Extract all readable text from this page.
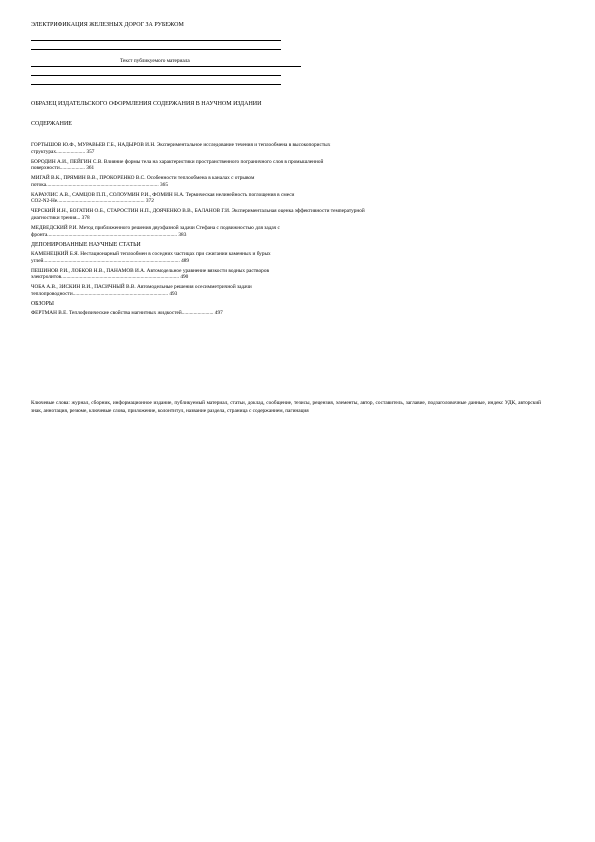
ЭЛЕКТРИФИКАЦИЯ ЖЕЛЕЗНЫХ ДОРОГ ЗА РУБЕЖОМ
Текст публикуемого материала
ОБРАЗЕЦ ИЗДАТЕЛЬСКОГО ОФОРМЛЕНИЯ СОДЕРЖАНИЯ В НАУЧНОМ ИЗДАНИИ
СОДЕРЖАНИЕ
ГОРТЫШОВ Ю.Ф., МУРАВЬЕВ Г.Б., НАДЫРОВ И.Н. Экспериментальное исследование течения и теплообмена в высокопористых
структурах...................... 357
БОРОДИН А.И., ПЕЙГИН С.В. Влияние формы тела на характеристики пространственного пограничного слоя в промышленной
поверхности................... 361
МИГАЙ В.К., ПРЯМИН В.В., ПРОКОРЕНКО В.С. Особенности теплообмена в каналах с отрывом
потока..................................................................................... 365
КАРАУЛИС А.В., САМЦОВ П.П., СОЛОУМИН Р.И., ФОМИН Н.А. Термическая нелинейность поглощения в смеси
СО2-N2-He.................................................................. 372
ЧЕРСКИЙ И.Н., БОГАТИН О.Б., СТАРОСТИН Н.П., ДОЯЧЕНКО В.В., БАЛАНОВ Г.И. Экспериментальная оценка эффективности температурной
диагностики трения... 378
МЕДВЕДСКИЙ Р.И. Метод приближенного решения двухфазной задачи Стефана с подвижностью для задач с
фронта.................................................................................................. 383
ДЕПОНИРОВАННЫЕ НАУЧНЫЕ СТАТЬИ
КАМЕНЕЦКИЙ Б.Я. Нестационарный теплообмен в соседних частицах при сжигании каменных и бурых
углей....................................................................................................... 489
ПЕШИНОВ Р.И., ЛОБКОВ Н.В., ПАНАМОВ И.А. Автомодельное уравнение вязкости водных растворов
электролитов......................................................................................... 490
ЧОБА А.В., ЗИСКИН В.И., ПАСИЧНЫЙ В.В. Автомодельные решения осесимметричной задачи
теплопроводности........................................................................ 493
ОБЗОРЫ
ФЕРТМАН В.Е. Теплофизические свойства магнитных жидкостей........................ 497
Ключевые слова: журнал, сборник, информационное издание, публикуемый материал, статьи, доклад, сообщение, тезисы, рецензия, элементы, автор, составитель, заглавие, подзаголовочные данные, индекс УДК, авторский знак, аннотация, резюме, ключевые слова, приложение, колонтитул, название раздела, страница с содержанием, пагинация
